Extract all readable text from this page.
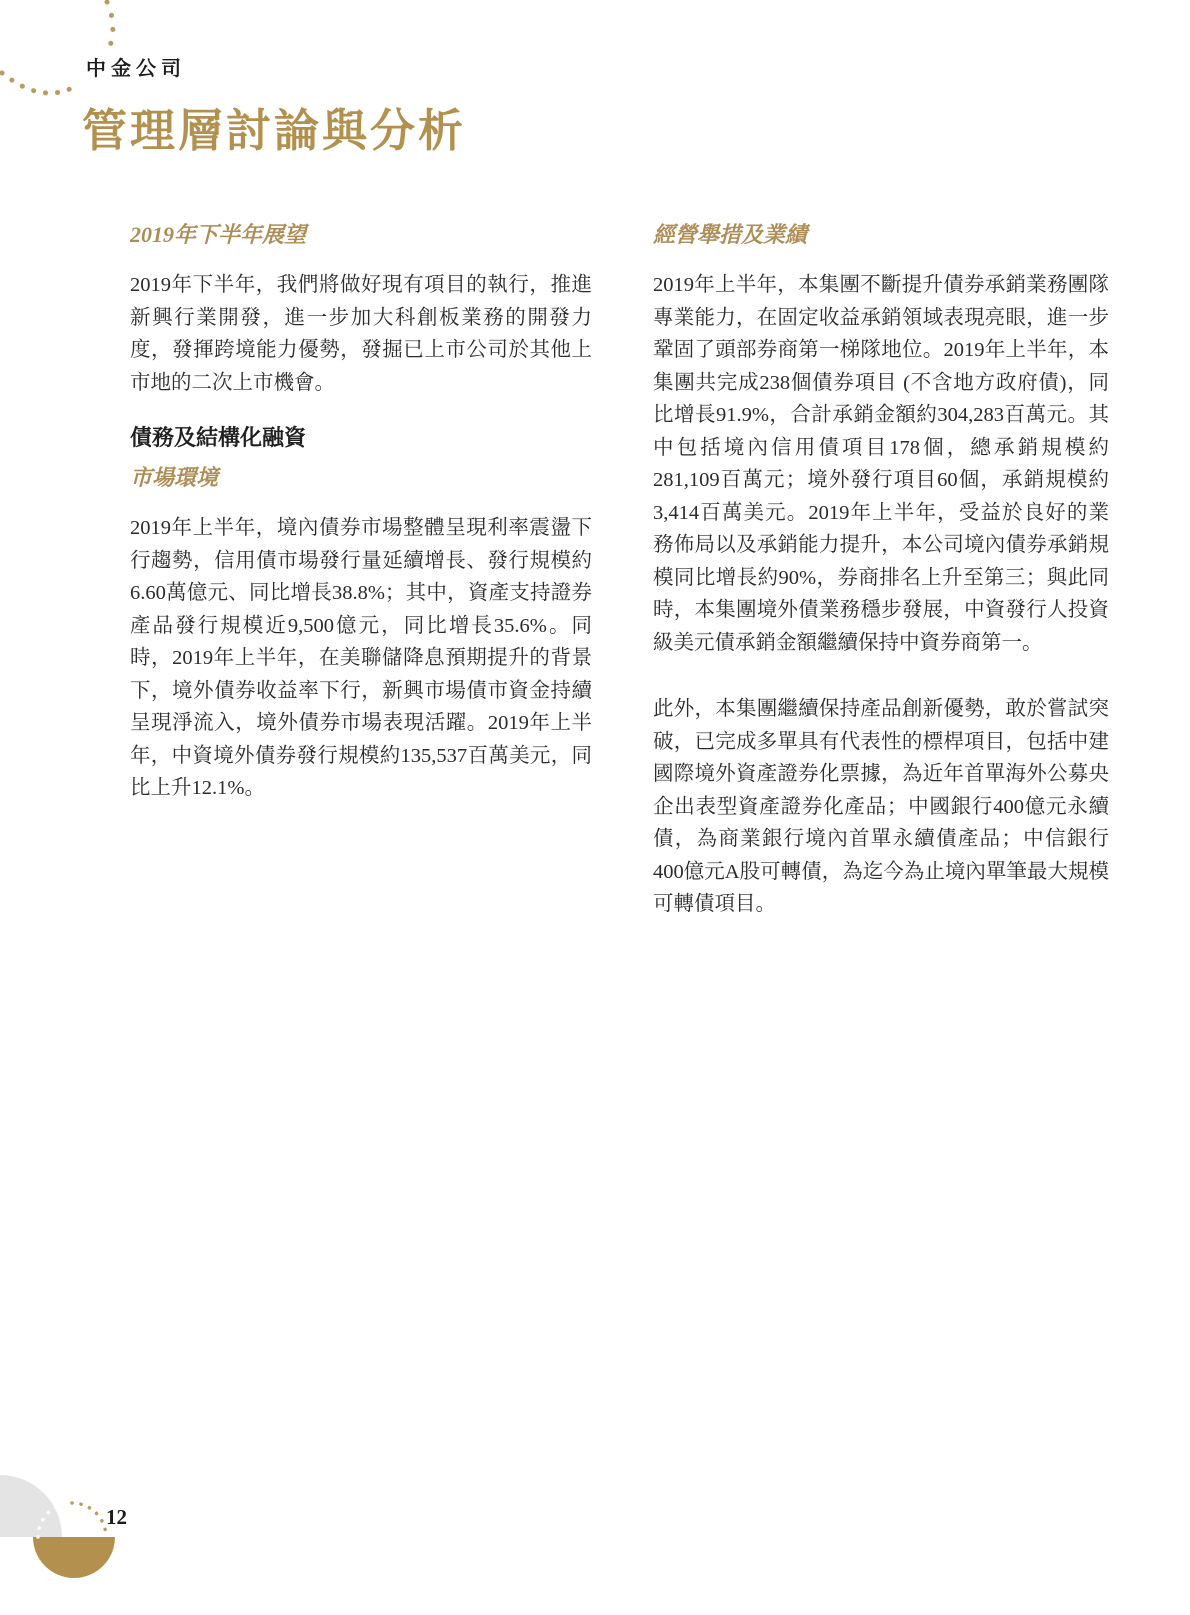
中金公司
管理層討論與分析
2019年下半年展望

2019年下半年，我們將做好現有項目的執行，推進新興行業開發，進一步加大科創板業務的開發力度，發揮跨境能力優勢，發掘已上市公司於其他上市地的二次上市機會。

債務及結構化融資
市場環境

2019年上半年，境內債券市場整體呈現利率震盪下行趨勢，信用債市場發行量延續增長、發行規模約6.60萬億元、同比增長38.8%；其中，資產支持證券產品發行規模近9,500億元，同比增長35.6%。同時，2019年上半年，在美聯儲降息預期提升的背景下，境外債券收益率下行，新興市場債市資金持續呈現淨流入，境外債券市場表現活躍。2019年上半年，中資境外債券發行規模約135,537百萬美元，同比上升12.1%。

經營舉措及業績

2019年上半年，本集團不斷提升債券承銷業務團隊專業能力，在固定收益承銷領域表現亮眼，進一步鞏固了頭部券商第一梯隊地位。2019年上半年，本集團共完成238個債券項目 (不含地方政府債)，同比增長91.9%，合計承銷金額約304,283百萬元。其中包括境內信用債項目178個，總承銷規模約281,109百萬元；境外發行項目60個，承銷規模約3,414百萬美元。2019年上半年，受益於良好的業務佈局以及承銷能力提升，本公司境內債券承銷規模同比增長約90%，券商排名上升至第三；與此同時，本集團境外債業務穩步發展，中資發行人投資級美元債承銷金額繼續保持中資券商第一。

此外，本集團繼續保持產品創新優勢，敢於嘗試突破，已完成多單具有代表性的標桿項目，包括中建國際境外資產證券化票據，為近年首單海外公募央企出表型資產證券化產品；中國銀行400億元永續債，為商業銀行境內首單永續債產品；中信銀行400億元A股可轉債，為迄今為止境內單筆最大規模可轉債項目。

12
